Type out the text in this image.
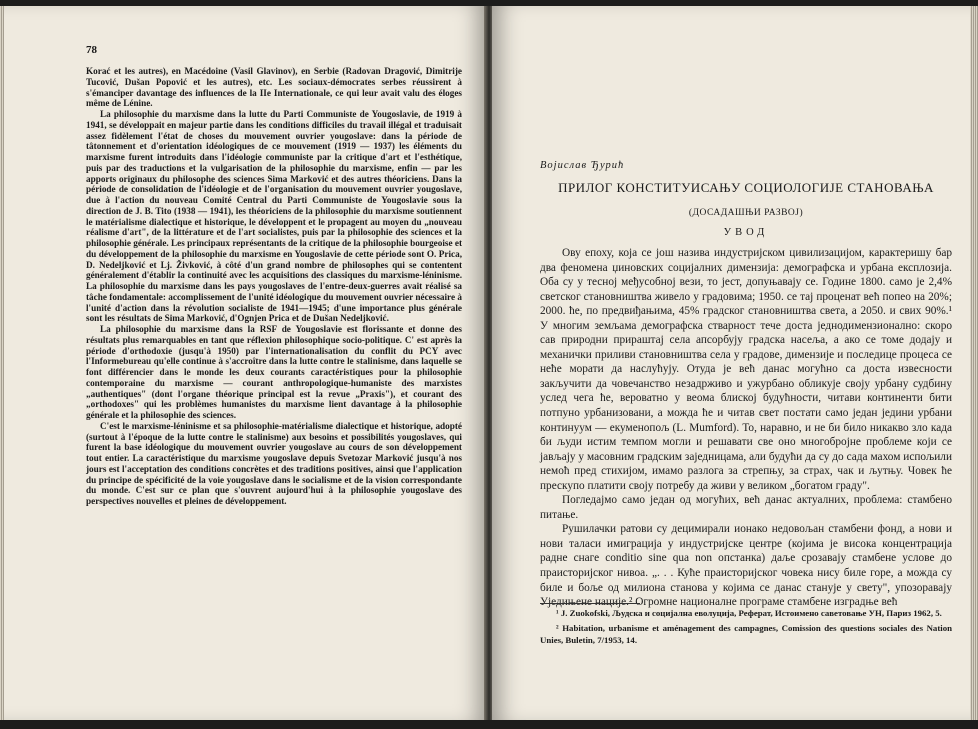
78

Korać et les autres), en Macédoine (Vasil Glavinov), en Serbie (Radovan Dragović, Dimitrije Tucović, Dušan Popović et les autres), etc. Les sociaux-démocrates serbes réussirent à s'émanciper davantage des influences de la IIe Internationale, ce qui leur avait valu des éloges même de Lénine.

La philosophie du marxisme dans la lutte du Parti Communiste de Yougoslavie, de 1919 à 1941, se développait en majeur partie dans les conditions difficiles du travail illégal et traduisait assez fidèlement l'état de choses du mouvement ouvrier yougoslave: dans la période de tâtonnement et d'orientation idéologiques de ce mouvement (1919 — 1937) les éléments du marxisme furent introduits dans l'idéologie communiste par la critique d'art et l'esthétique, puis par des traductions et la vulgarisation de la philosophie du marxisme, enfin — par les apports originaux du philosophe des sciences Sima Marković et des autres théoriciens. Dans la période de consolidation de l'idéologie et de l'organisation du mouvement ouvrier yougoslave, due à l'action du nouveau Comité Central du Parti Communiste de Yougoslavie sous la direction de J. B. Tito (1938 — 1941), les théoriciens de la philosophie du marxisme soutiennent le matérialisme dialectique et historique, le développent et le propagent au moyen du „nouveau réalisme d'art", de la littérature et de l'art socialistes, puis par la philosophie des sciences et la philosophie générale. Les principaux représentants de la critique de la philosophie bourgeoise et du développement de la philosophie du marxisme en Yougoslavie de cette période sont O. Prica, D. Nedeljković et Lj. Živković, à côté d'un grand nombre de philosophes qui se contentent généralement d'établir la continuité avec les acquisitions des classiques du marxisme-léninisme. La philosophie du marxisme dans les pays yougoslaves de l'entre-deux-guerres avait réalisé sa tâche fondamentale: accomplissement de l'unité idéologique du mouvement ouvrier nécessaire à l'unité d'action dans la révolution socialiste de 1941—1945; d'une importance plus générale sont les résultats de Sima Marković, d'Ognjen Prica et de Dušan Nedeljković.

La philosophie du marxisme dans la RSF de Yougoslavie est florissante et donne des résultats plus remarquables en tant que réflexion philosophique socio-politique. C' est après la période d'orthodoxie (jusqu'à 1950) par l'internationalisation du conflit du PCY avec l'Informebureau qu'elle continue à s'accroître dans la lutte contre le stalinisme, dans laquelle se font différencier dans le monde les deux courants caractéristiques pour la philosophie contemporaine du marxisme — courant anthropologique-humaniste des marxistes „authentiques" (dont l'organe théorique principal est la revue „Praxis"), et courant des „orthodoxes" qui les problèmes humanistes du marxisme lient davantage à la philosophie générale et la philosophie des sciences.

C'est le marxisme-léninisme et sa philosophie-matérialisme dialectique et historique, adopté (surtout à l'époque de la lutte contre le stalinisme) aux besoins et possibilités yougoslaves, qui furent la base idéologique du mouvement ouvrier yougoslave au cours de son développement tout entier. La caractéristique du marxisme yougoslave depuis Svetozar Marković jusqu'à nos jours est l'acceptation des conditions concrètes et des traditions positives, ainsi que l'application du principe de spécificité de la voie yougoslave dans le socialisme et de la vision correspondante du monde. C'est sur ce plan que s'ouvrent aujourd'hui à la philosophie yougoslave des perspectives nouvelles et pleines de développement.

Војислав Ђурић
ПРИЛОГ КОНСТИТУИСАЊУ СОЦИОЛОГИЈЕ СТАНОВАЊА
(ДОСАДАШЊИ РАЗВОЈ)
УВОД

Ову епоху, која се још назива индустријском цивилизацијом, карактеришу бар два феномена џиновских социјалних димензија: демографска и урбана експлозија. Оба су у тесној међусобној вези, то јест, допуњавају се. Године 1800. само је 2,4% светског становништва живело у градовима; 1950. се тај проценат већ попео на 20%; 2000. ће, по предвиђањима, 45% градског становништва света, а 2050. и свих 90%.¹ У многим земљама демографска стварност тече доста једнодимензионално: скоро сав природни прираштај села апсорбују градска насеља, а ако се томе додају и механички приливи становништва села у градове, димензије и последице процеса се неће морати да наслућују. Отуда је већ данас могућно са доста извесности закључити да човечанство незадрживо и ужурбано обликује своју урбану судбину услед чега ће, вероватно у веома блиској будућности, читави континенти бити потпуно урбанизовани, а можда ће и читав свет постати само један једини урбани континуум — екуменопољ (L. Mumford). То, наравно, и не би било никакво зло када би људи истим темпом могли и решавати све оно многобројне проблеме који се јављају у масовним градским заједницама, али будући да су до сада махом испољили немоћ пред стихијом, имамо разлога за стрепњу, за страх, чак и љутњу. Човек ће прескупо платити своју потребу да живи у великом „богатом граду".

Погледајмо само један од могућих, већ данас актуалних, проблема: стамбено питање.

Рушилачки ратови су децимирали ионако недовољан стамбени фонд, а нови и нови таласи имиграција у индустријске центре (којима је висока концентрација радне снаге conditio sine qua non опстанка) даље срозавају стамбене услове до праисторијског нивоа. „. . . Куће праисторијског човека нису биле горе, а можда су биле и боље од милиона станова у којима се данас станује у свету", упозоравају Уједињене нације.² Огромне националне програме стамбене изградње већ

¹ J. Zuokofski, Људска и социјална еволуција, Реферат, Истоимено саветовање УН, Париз 1962, 5.

² Habitation, urbanisme et aménagement des campagnes, Comission des questions sociales des Nation Unies, Buletin, 7/1953, 14.
